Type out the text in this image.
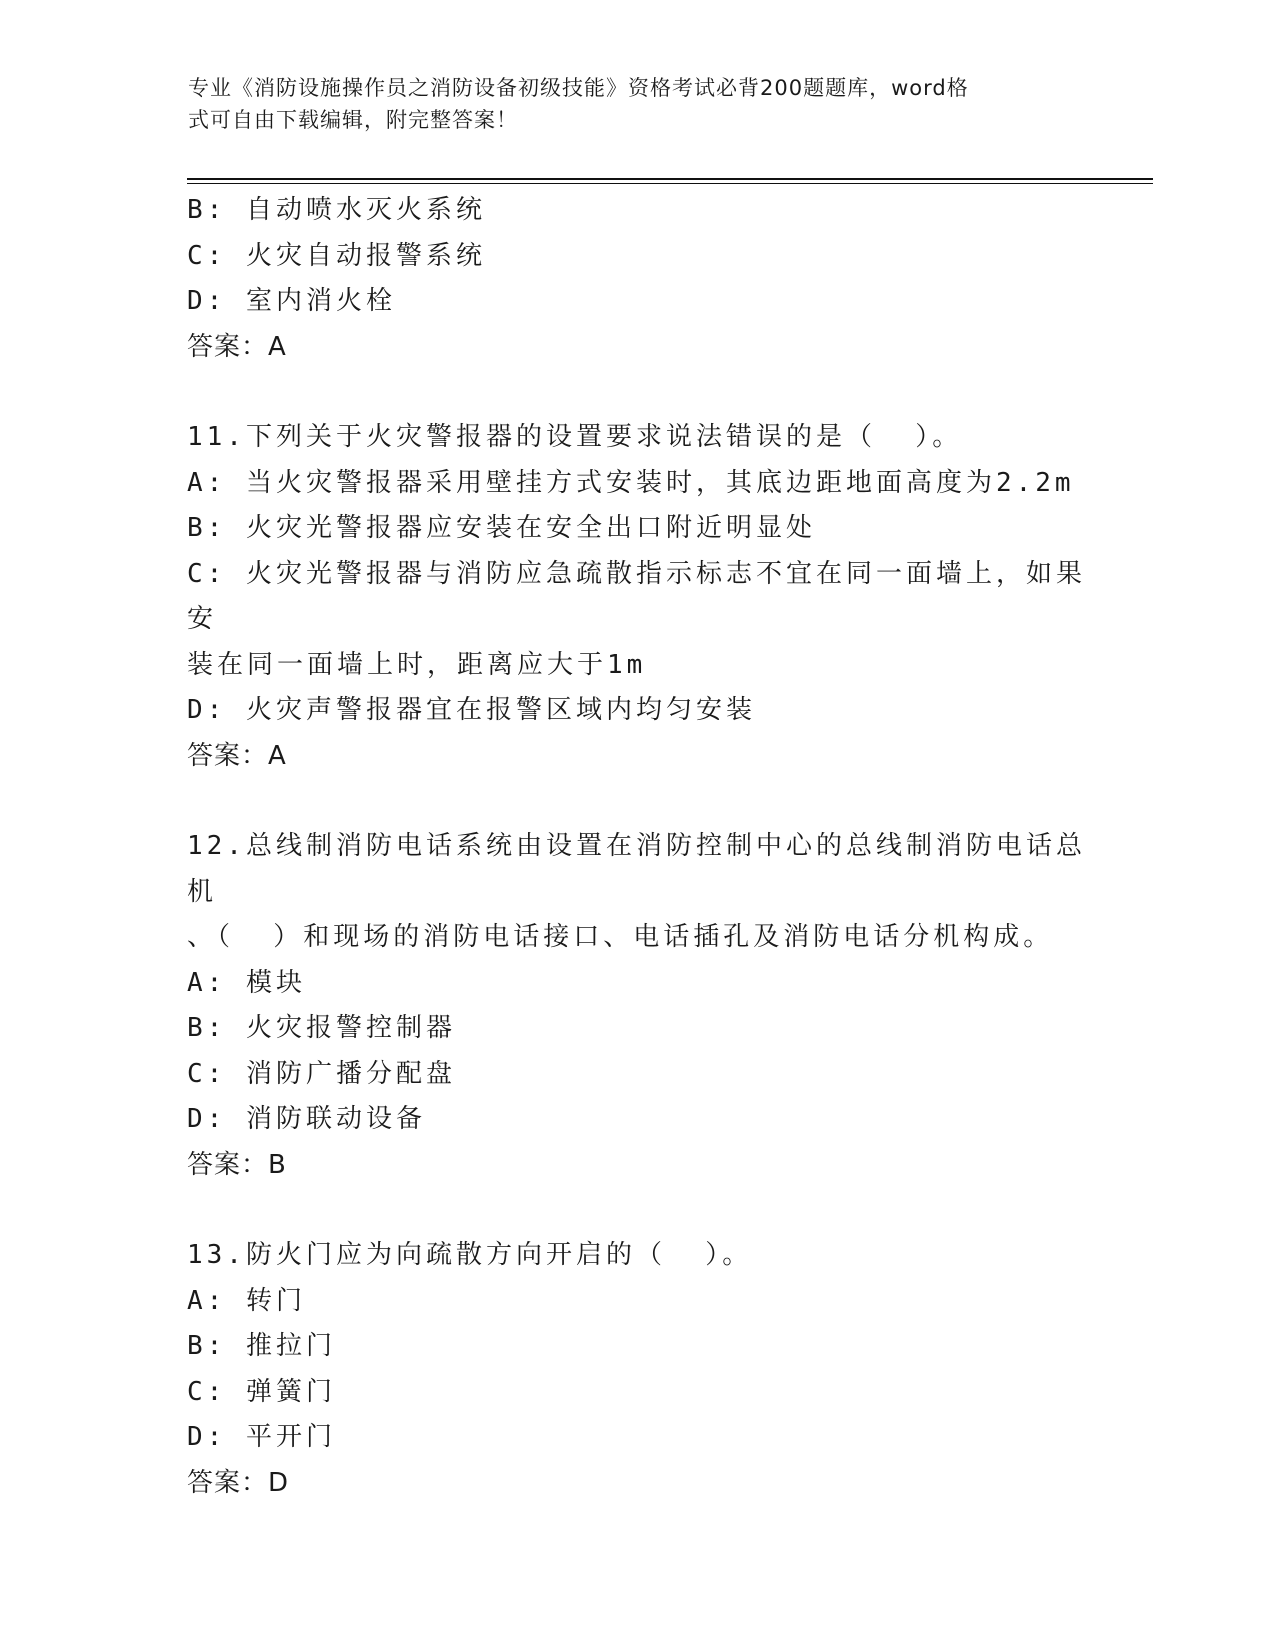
专业《消防设施操作员之消防设备初级技能》资格考试必背200题题库，word格
式可自由下载编辑，附完整答案！
B: 自动喷水灭火系统
C: 火灾自动报警系统
D: 室内消火栓
答案：A
11.下列关于火灾警报器的设置要求说法错误的是（  ）。
A: 当火灾警报器采用壁挂方式安装时，其底边距地面高度为2.2m
B: 火灾光警报器应安装在安全出口附近明显处
C: 火灾光警报器与消防应急疏散指示标志不宜在同一面墙上，如果安
装在同一面墙上时，距离应大于1m
D: 火灾声警报器宜在报警区域内均匀安装
答案：A
12.总线制消防电话系统由设置在消防控制中心的总线制消防电话总机
、（  ）和现场的消防电话接口、电话插孔及消防电话分机构成。
A: 模块
B: 火灾报警控制器
C: 消防广播分配盘
D: 消防联动设备
答案：B
13.防火门应为向疏散方向开启的（  ）。
A: 转门
B: 推拉门
C: 弹簧门
D: 平开门
答案：D
